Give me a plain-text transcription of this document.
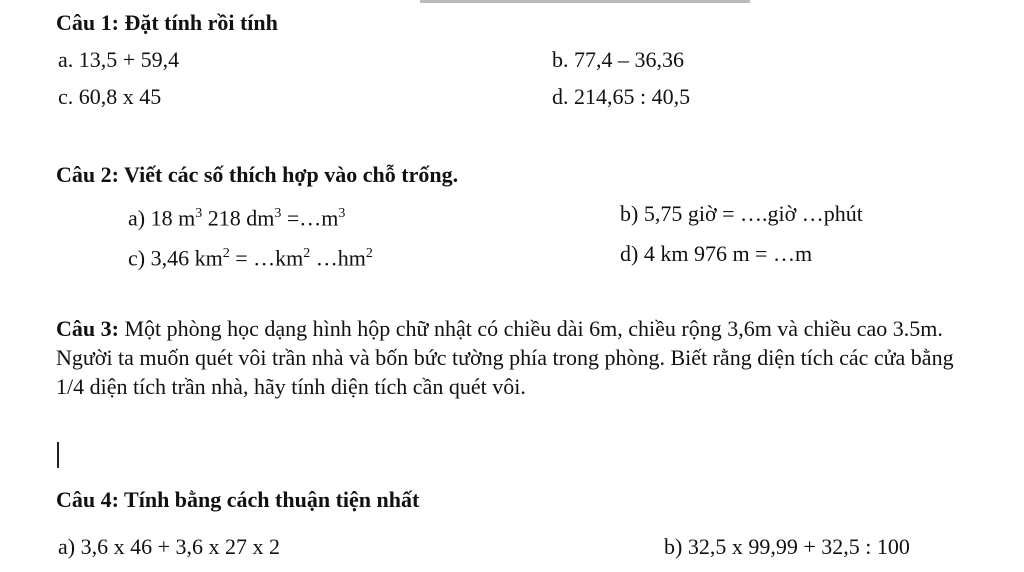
Câu 1: Đặt tính rồi tính
a. 13,5 + 59,4	b. 77,4 – 36,36
c. 60,8 x 45	d. 214,65 : 40,5
Câu 2: Viết các số thích hợp vào chỗ trống.
a) 18 $m^3$ 218 $dm^3$ $=\dots m^3$	b) 5,75 giờ = ….giờ …phút
c) 3,46 $km^2$ = $\dots km^2$ $\dots hm^2$	d) 4 km 976 m = …m
Câu 3: Một phòng học dạng hình hộp chữ nhật có chiều dài 6m, chiều rộng 3,6m và chiều cao 3.5m. Người ta muốn quét vôi trần nhà và bốn bức tường phía trong phòng. Biết rằng diện tích các cửa bằng 1/4 diện tích trần nhà, hãy tính diện tích cần quét vôi.
Câu 4: Tính bằng cách thuận tiện nhất
a) 3,6 x 46 + 3,6 x 27 x 2	b) 32,5 x 99,99 + 32,5 : 100
